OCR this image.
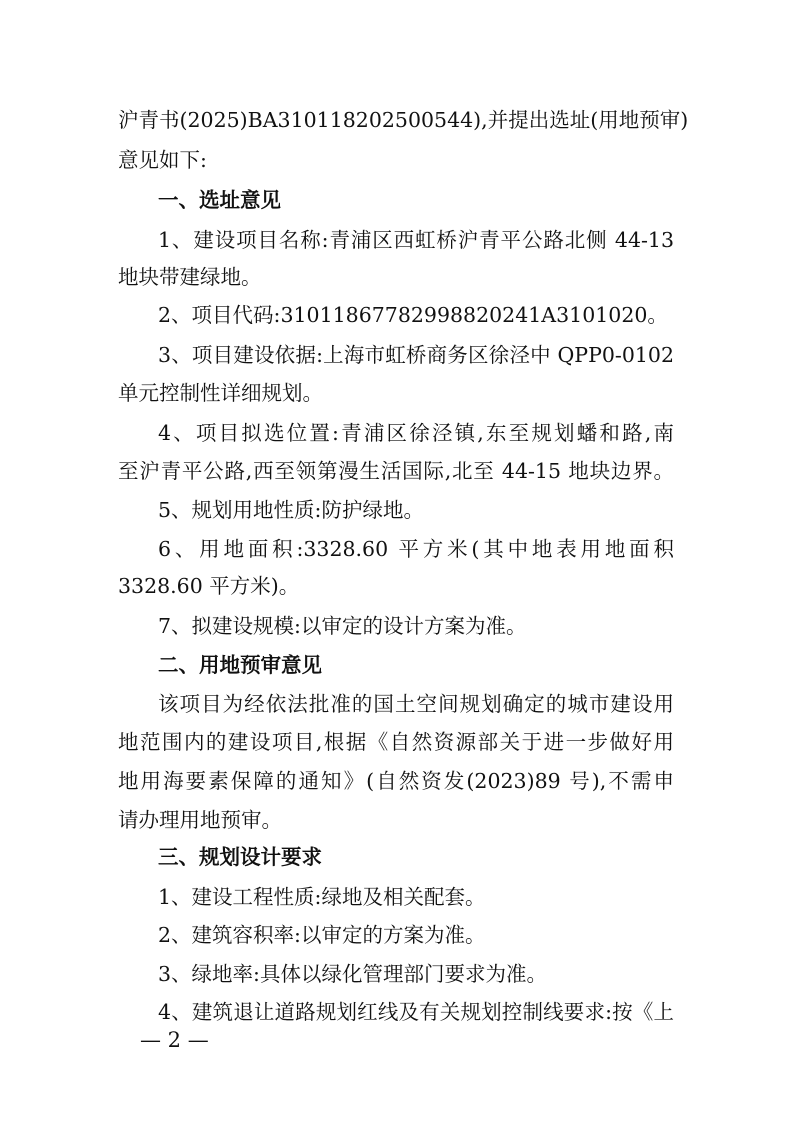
沪青书(2025)BA310118202500544),并提出选址(用地预审)
意见如下:
一、选址意见
1、建设项目名称:青浦区西虹桥沪青平公路北侧 44-13
地块带建绿地。
2、项目代码:31011867782998820241A3101020。
3、项目建设依据:上海市虹桥商务区徐泾中 QPP0-0102
单元控制性详细规划。
4、项目拟选位置:青浦区徐泾镇,东至规划蟠和路,南
至沪青平公路,西至领第漫生活国际,北至 44-15 地块边界。
5、规划用地性质:防护绿地。
6、用地面积:3328.60 平方米(其中地表用地面积
3328.60 平方米)。
7、拟建设规模:以审定的设计方案为准。
二、用地预审意见
该项目为经依法批准的国土空间规划确定的城市建设用
地范围内的建设项目,根据《自然资源部关于进一步做好用
地用海要素保障的通知》(自然资发(2023)89 号),不需申
请办理用地预审。
三、规划设计要求
1、建设工程性质:绿地及相关配套。
2、建筑容积率:以审定的方案为准。
3、绿地率:具体以绿化管理部门要求为准。
4、建筑退让道路规划红线及有关规划控制线要求:按《上
— 2 —
